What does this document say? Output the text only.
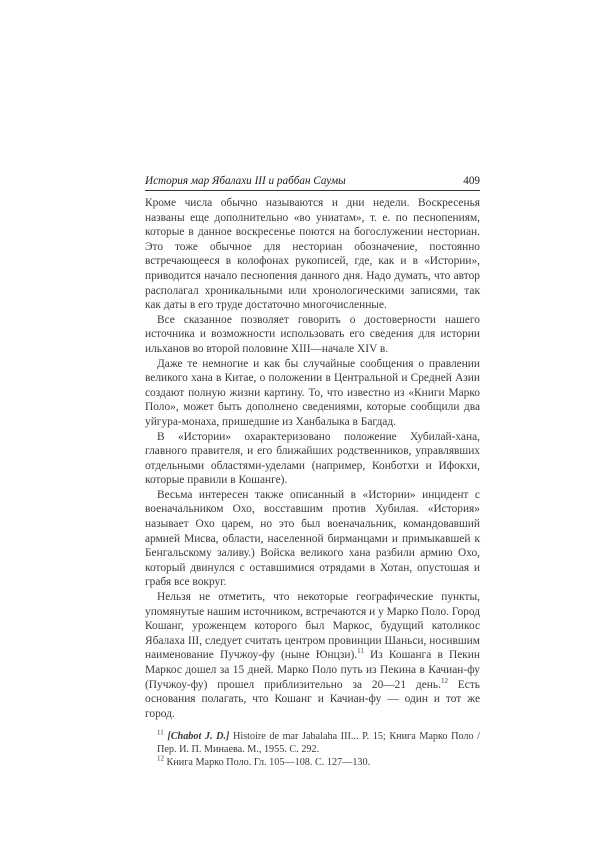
История мар Ябалахи III и раббан Саумы	409

Кроме числа обычно называются и дни недели. Воскресенья названы еще дополнительно «во униатам», т. е. по песнопениям, которые в данное воскресенье поются на богослужении несториан. Это тоже обычное для несториан обозначение, постоянно встречающееся в колофонах рукописей, где, как и в «Истории», приводится начало песнопения данного дня. Надо думать, что автор располагал хроникальными или хронологическими записями, так как даты в его труде достаточно многочисленные.

Все сказанное позволяет говорить о достоверности нашего источника и возможности использовать его сведения для истории ильханов во второй половине XIII—начале XIV в.

Даже те немногие и как бы случайные сообщения о правлении великого хана в Китае, о положении в Центральной и Средней Азии создают полную жизни картину. То, что известно из «Книги Марко Поло», может быть дополнено сведениями, которые сообщили два уйгура-монаха, пришедшие из Ханбалыка в Багдад.

В «Истории» охарактеризовано положение Хубилай-хана, главного правителя, и его ближайших родственников, управлявших отдельными областями-уделами (например, Конботхи и Ифокхи, которые правили в Кошанге).

Весьма интересен также описанный в «Истории» инцидент с военачальником Охо, восставшим против Хубилая. «История» называет Охо царем, но это был военачальник, командовавший армией Мисва, области, населенной бирманцами и примыкавшей к Бенгальскому заливу.) Войска великого хана разбили армию Охо, который двинулся с оставшимися отрядами в Хотан, опустошая и грабя все вокруг.

Нельзя не отметить, что некоторые географические пункты, упомянутые нашим источником, встречаются и у Марко Поло. Город Кошанг, уроженцем которого был Маркос, будущий католикос Ябалаха III, следует считать центром провинции Шаньси, носившим наименование Пучжоу-фу (ныне Юнцзи).$^{11}$ Из Кошанга в Пекин Маркос дошел за 15 дней. Марко Поло путь из Пекина в Качиан-фу (Пучжоу-фу) прошел приблизительно за 20—21 день.$^{12}$ Есть основания полагать, что Кошанг и Качиан-фу — один и тот же город.

$^{11}$ [Chabot J. D.] Histoire de mar Jabalaha III... P. 15; Книга Марко Поло / Пер. И. П. Минаева. М., 1955. С. 292.

$^{12}$ Книга Марко Поло. Гл. 105—108. С. 127—130.
